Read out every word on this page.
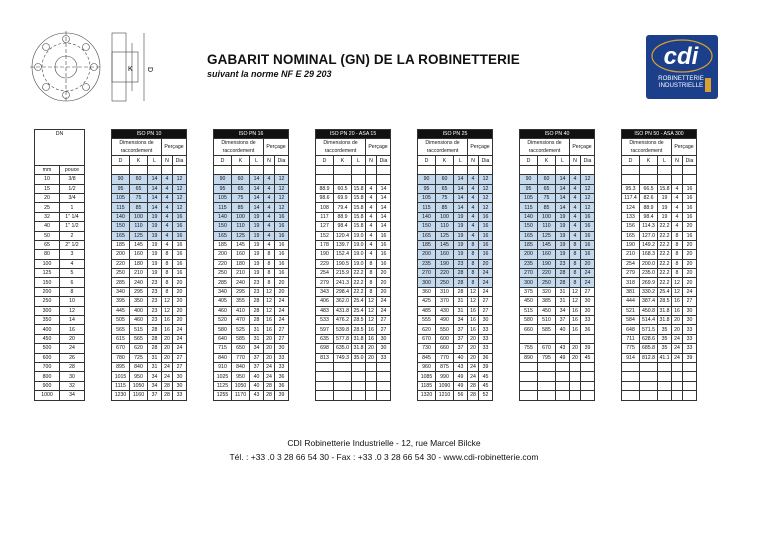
K D
GABARIT NOMINAL (GN) DE LA ROBINETTERIE
suivant la norme NF E 29 203
cdi
ROBINETTERIE
INDUSTRIELLE
DN			ISO PN 10						ISO PN 16						ISO PN 20 - ASA 15						ISO PN 25						ISO PN 40						ISO PN 50 - ASA 300				
			Dimensions de raccordement			Perçage			Dimensions de raccordement			Perçage			Dimensions de raccordement			Perçage			Dimensions de raccordement			Perçage			Dimensions de raccordement			Perçage			Dimensions de raccordement			Perçage	
			D	K	L	N	Dia		D	K	L	N	Dia		D	K	L	N	Dia		D	K	L	N	Dia		D	K	L	N	Dia		D	K	L	N	Dia
mm	pouce																																				
10	3/8		90	60	14	4	12		90	60	14	4	12								90	60	14	4	12		90	60	14	4	12						
15	1/2		95	65	14	4	12		95	65	14	4	12		88.9	60.5	15.8	4	14		95	65	14	4	12		95	65	14	4	12		95.3	66.5	15.8	4	16
20	3/4		105	75	14	4	12		105	75	14	4	12		98.6	69.9	15.8	4	14		105	75	14	4	12		105	75	14	4	12		117.4	82.6	19	4	16
25	1		115	85	14	4	12		115	85	14	4	12		108	79.4	15.8	4	14		115	85	14	4	12		115	85	14	4	12		124	88.9	19	4	16
32	1" 1/4		140	100	19	4	16		140	100	19	4	16		117	88.9	15.8	4	14		140	100	19	4	16		140	100	19	4	16		133	98.4	19	4	16
40	1" 1/2		150	110	19	4	16		150	110	19	4	16		127	98.4	15.8	4	14		150	110	19	4	16		150	110	19	4	16		156	114.3	22.2	4	20
50	2		165	125	19	4	16		165	125	19	4	16		152	120.4	19.0	4	16		165	125	19	4	16		165	125	19	4	16		165	127.0	22.2	8	16
65	2" 1/2		185	145	19	4	16		185	145	19	4	16		178	139.7	19.0	4	16		185	145	19	8	16		185	145	19	8	16		190	149.2	22.2	8	20
80	3		200	160	19	8	16		200	160	19	8	16		190	152.4	19.0	4	16		200	160	19	8	16		200	160	19	8	16		210	168.3	22.2	8	20
100	4		220	180	19	8	16		220	180	19	8	16		229	190.5	19.0	8	16		235	190	23	8	20		235	190	23	8	20		254	200.0	22.2	8	20
125	5		250	210	19	8	16		250	210	19	8	16		254	215.9	22.2	8	20		270	220	28	8	24		270	220	28	8	24		279	235.0	22.2	8	20
150	6		285	240	23	8	20		285	240	23	8	20		279	241.3	22.2	8	20		300	250	28	8	24		300	250	28	8	24		318	269.9	22.2	12	20
200	8		340	295	23	8	20		340	295	23	12	20		343	298.4	22.2	8	20		360	310	28	12	24		375	320	31	12	27		381	330.2	25.4	12	24
250	10		395	350	23	12	20		405	355	28	12	24		406	362.0	25.4	12	24		425	370	31	12	27		450	385	31	12	30		444	387.4	28.5	16	27
300	12		445	400	23	12	20		460	410	28	12	24		483	431.8	25.4	12	24		485	430	31	16	27		515	450	34	16	30		521	450.8	31.8	16	30
350	14		505	460	23	16	20		520	470	28	16	24		533	476.2	28.5	12	27		555	490	34	16	30		580	510	37	16	33		584	514.4	31.8	20	30
400	16		565	515	28	16	24		580	525	31	16	27		597	539.8	28.5	16	27		620	550	37	16	33		660	585	40	16	36		648	571.5	35	20	33
450	20		615	565	28	20	24		640	585	31	20	27		635	577.8	31.8	16	30		670	600	37	20	33								711	628.6	35	24	33
500	24		670	620	28	20	24		715	650	34	20	30		698	635.0	31.8	20	30		730	660	37	20	33		755	670	43	20	39		775	685.8	35	24	33
600	26		780	725	31	20	27		840	770	37	20	33		813	749.3	35.0	20	33		845	770	40	20	36		890	795	49	20	45		914	812.8	41.1	24	39
700	28		895	840	31	24	27		910	840	37	24	33								960	875	43	24	39												
800	30		1015	950	34	24	30		1025	950	40	24	36								1085	990	49	24	45												
900	32		1115	1050	34	28	30		1125	1050	40	28	36								1185	1090	49	28	45												
1000	34		1230	1160	37	28	33		1255	1170	43	28	39								1320	1210	56	28	52												
CDI Robinetterie Industrielle - 12, rue Marcel Bilcke
Tél. : +33 .0 3 28 66 54 30 - Fax : +33 .0 3 28 66 54 30 - www.cdi-robinetterie.com
